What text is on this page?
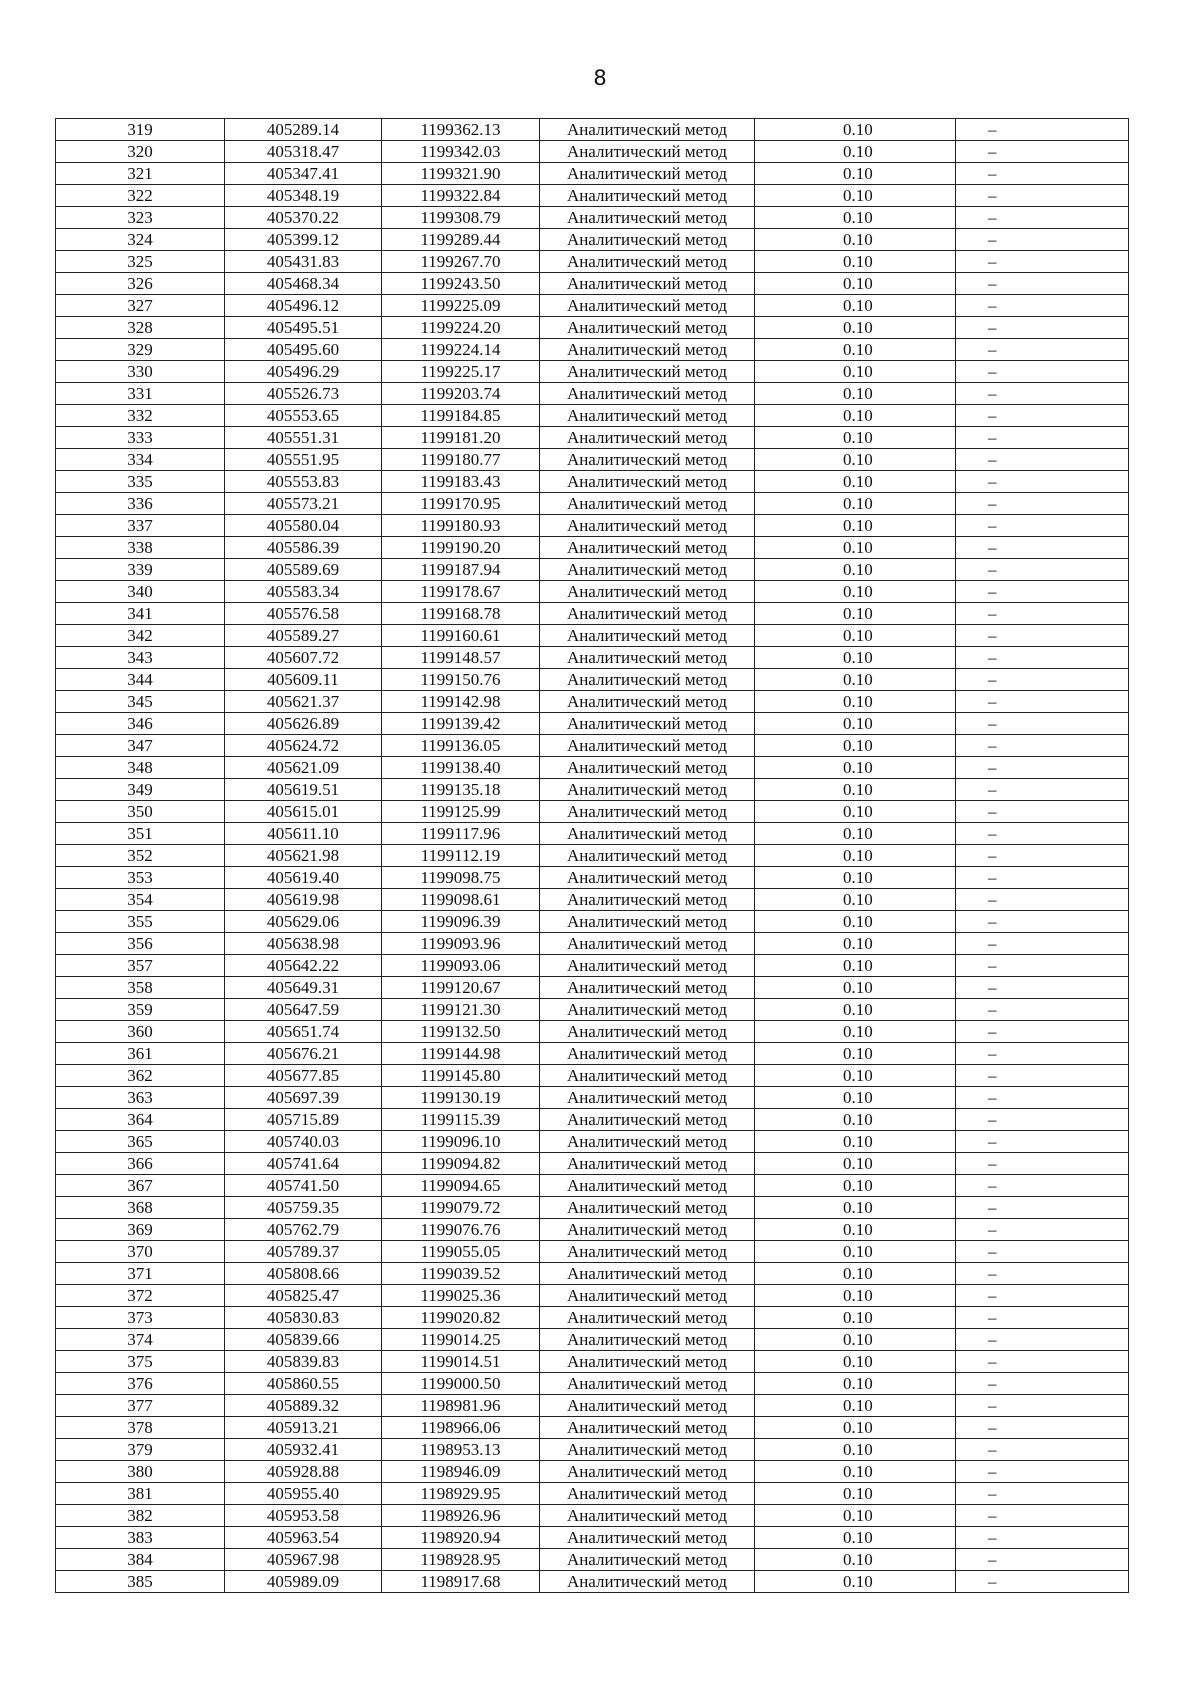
8
319	405289.14	1199362.13	Аналитический метод	0.10	–
320	405318.47	1199342.03	Аналитический метод	0.10	–
321	405347.41	1199321.90	Аналитический метод	0.10	–
322	405348.19	1199322.84	Аналитический метод	0.10	–
323	405370.22	1199308.79	Аналитический метод	0.10	–
324	405399.12	1199289.44	Аналитический метод	0.10	–
325	405431.83	1199267.70	Аналитический метод	0.10	–
326	405468.34	1199243.50	Аналитический метод	0.10	–
327	405496.12	1199225.09	Аналитический метод	0.10	–
328	405495.51	1199224.20	Аналитический метод	0.10	–
329	405495.60	1199224.14	Аналитический метод	0.10	–
330	405496.29	1199225.17	Аналитический метод	0.10	–
331	405526.73	1199203.74	Аналитический метод	0.10	–
332	405553.65	1199184.85	Аналитический метод	0.10	–
333	405551.31	1199181.20	Аналитический метод	0.10	–
334	405551.95	1199180.77	Аналитический метод	0.10	–
335	405553.83	1199183.43	Аналитический метод	0.10	–
336	405573.21	1199170.95	Аналитический метод	0.10	–
337	405580.04	1199180.93	Аналитический метод	0.10	–
338	405586.39	1199190.20	Аналитический метод	0.10	–
339	405589.69	1199187.94	Аналитический метод	0.10	–
340	405583.34	1199178.67	Аналитический метод	0.10	–
341	405576.58	1199168.78	Аналитический метод	0.10	–
342	405589.27	1199160.61	Аналитический метод	0.10	–
343	405607.72	1199148.57	Аналитический метод	0.10	–
344	405609.11	1199150.76	Аналитический метод	0.10	–
345	405621.37	1199142.98	Аналитический метод	0.10	–
346	405626.89	1199139.42	Аналитический метод	0.10	–
347	405624.72	1199136.05	Аналитический метод	0.10	–
348	405621.09	1199138.40	Аналитический метод	0.10	–
349	405619.51	1199135.18	Аналитический метод	0.10	–
350	405615.01	1199125.99	Аналитический метод	0.10	–
351	405611.10	1199117.96	Аналитический метод	0.10	–
352	405621.98	1199112.19	Аналитический метод	0.10	–
353	405619.40	1199098.75	Аналитический метод	0.10	–
354	405619.98	1199098.61	Аналитический метод	0.10	–
355	405629.06	1199096.39	Аналитический метод	0.10	–
356	405638.98	1199093.96	Аналитический метод	0.10	–
357	405642.22	1199093.06	Аналитический метод	0.10	–
358	405649.31	1199120.67	Аналитический метод	0.10	–
359	405647.59	1199121.30	Аналитический метод	0.10	–
360	405651.74	1199132.50	Аналитический метод	0.10	–
361	405676.21	1199144.98	Аналитический метод	0.10	–
362	405677.85	1199145.80	Аналитический метод	0.10	–
363	405697.39	1199130.19	Аналитический метод	0.10	–
364	405715.89	1199115.39	Аналитический метод	0.10	–
365	405740.03	1199096.10	Аналитический метод	0.10	–
366	405741.64	1199094.82	Аналитический метод	0.10	–
367	405741.50	1199094.65	Аналитический метод	0.10	–
368	405759.35	1199079.72	Аналитический метод	0.10	–
369	405762.79	1199076.76	Аналитический метод	0.10	–
370	405789.37	1199055.05	Аналитический метод	0.10	–
371	405808.66	1199039.52	Аналитический метод	0.10	–
372	405825.47	1199025.36	Аналитический метод	0.10	–
373	405830.83	1199020.82	Аналитический метод	0.10	–
374	405839.66	1199014.25	Аналитический метод	0.10	–
375	405839.83	1199014.51	Аналитический метод	0.10	–
376	405860.55	1199000.50	Аналитический метод	0.10	–
377	405889.32	1198981.96	Аналитический метод	0.10	–
378	405913.21	1198966.06	Аналитический метод	0.10	–
379	405932.41	1198953.13	Аналитический метод	0.10	–
380	405928.88	1198946.09	Аналитический метод	0.10	–
381	405955.40	1198929.95	Аналитический метод	0.10	–
382	405953.58	1198926.96	Аналитический метод	0.10	–
383	405963.54	1198920.94	Аналитический метод	0.10	–
384	405967.98	1198928.95	Аналитический метод	0.10	–
385	405989.09	1198917.68	Аналитический метод	0.10	–
